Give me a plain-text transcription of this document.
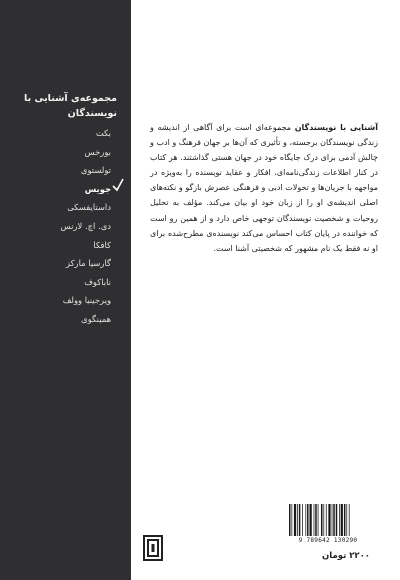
مجموعه‌ی آشنایی با نویسندگان
بکت
بورخس
تولستوی
جویس
داستایفسکی
دی. اچ. لارنس
کافکا
گارسیا مارکز
ناباکوف
ویرجینیا وولف
همینگوی

آشنایی با نویسندگان مجموعه‌ای است برای آگاهی از اندیشه و زندگی نویسندگان برجسته، و تأثیری که آن‌ها بر جهان فرهنگ و ادب و چالش آدمی برای درک جایگاه خود در جهان هستی گذاشتند. هر کتاب در کنار اطلاعات زندگی‌نامه‌ای، افکار و عقاید نویسنده را به‌ویژه در مواجهه با جریان‌ها و تحولات ادبی و فرهنگی عصرش بازگو و نکته‌های اصلی اندیشه‌ی او را از زبان خود او بیان می‌کند. مؤلف به تحلیل روحیات و شخصیت نویسندگان توجهی خاص دارد و از همین رو است که خواننده در پایان کتاب احساس می‌کند نویسنده‌ی مطرح‌شده برای او نه فقط یک نام مشهور که شخصیتی آشنا است.

9 789642 130290
۲۲۰۰ تومان
